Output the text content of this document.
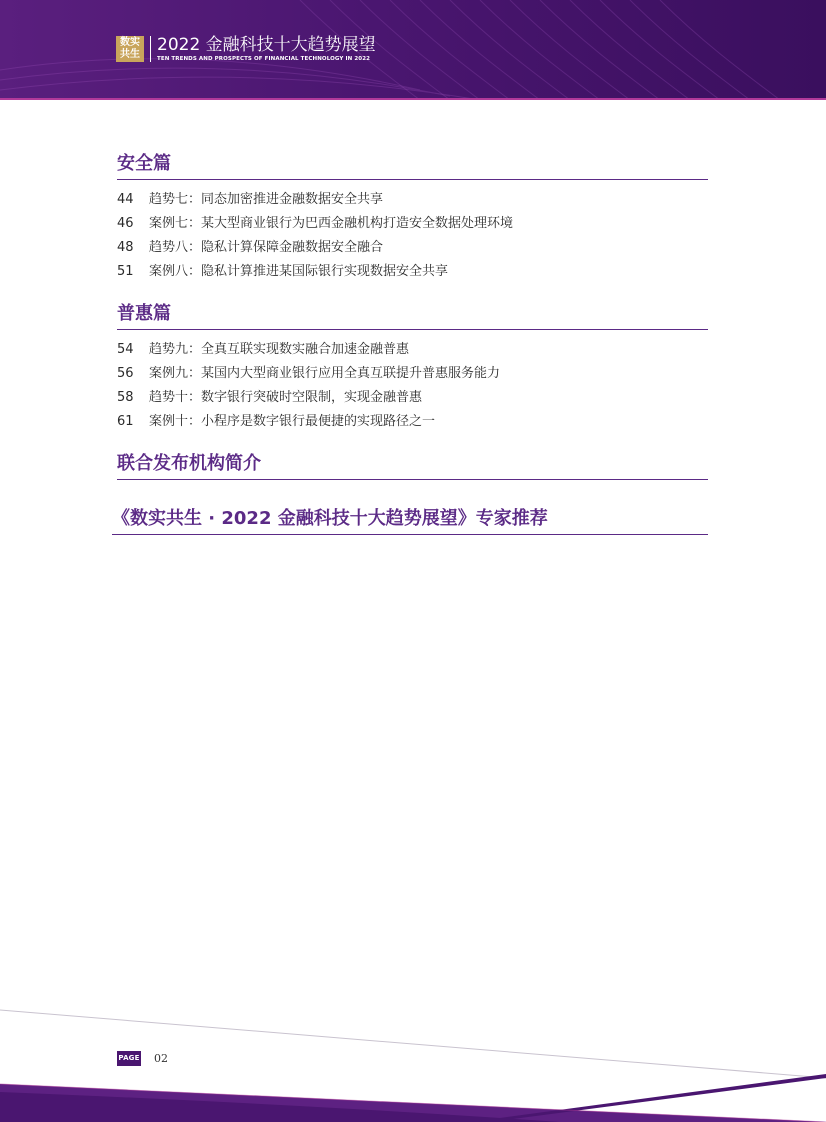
数实
共生 2022 金融科技十大趋势展望
TEN TRENDS AND PROSPECTS OF FINANCIAL TECHNOLOGY IN 2022
安全篇
44	趋势七：同态加密推进金融数据安全共享
46	案例七：某大型商业银行为巴西金融机构打造安全数据处理环境
48	趋势八：隐私计算保障金融数据安全融合
51	案例八：隐私计算推进某国际银行实现数据安全共享
普惠篇
54	趋势九：全真互联实现数实融合加速金融普惠
56	案例九：某国内大型商业银行应用全真互联提升普惠服务能力
58	趋势十：数字银行突破时空限制，实现金融普惠
61	案例十：小程序是数字银行最便捷的实现路径之一
联合发布机构简介
《数实共生 · 2022 金融科技十大趋势展望》专家推荐
PAGE 02
